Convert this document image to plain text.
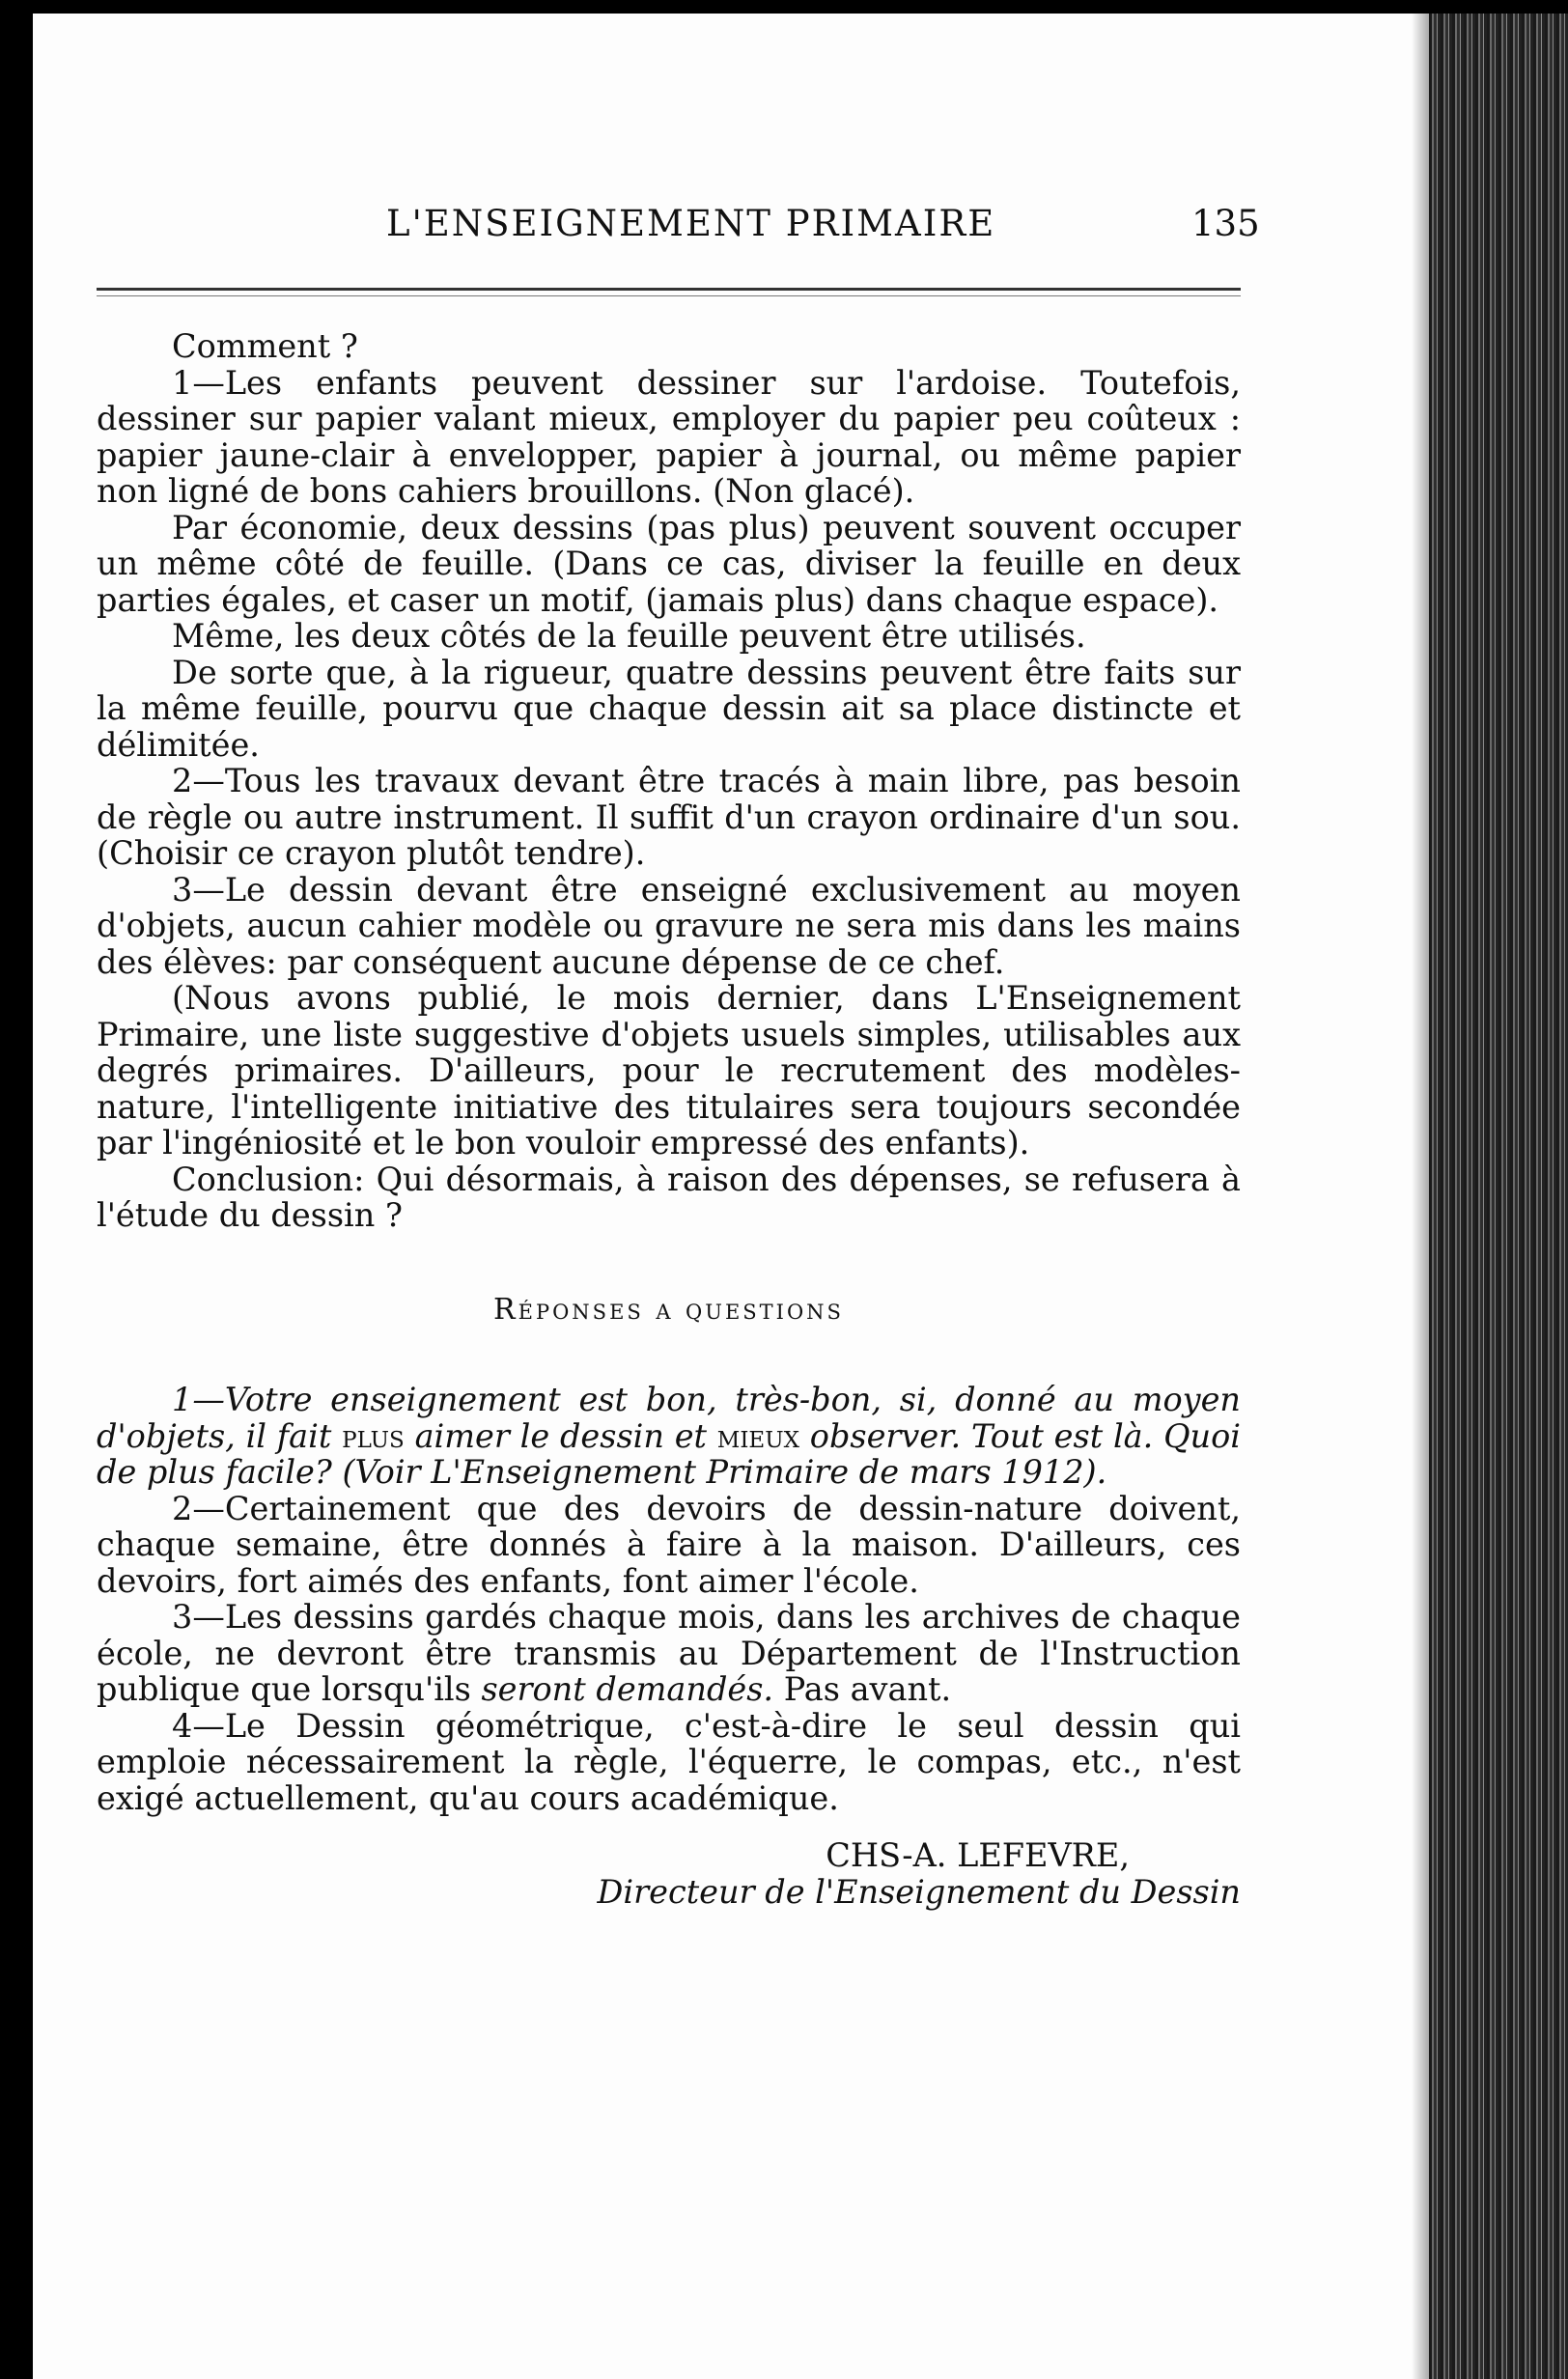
L'ENSEIGNEMENT PRIMAIRE	135

Comment ?

1—Les enfants peuvent dessiner sur l'ardoise. Toutefois, dessiner sur papier valant mieux, employer du papier peu coûteux : papier jaune-clair à envelopper, papier à journal, ou même papier non ligné de bons cahiers brouillons. (Non glacé).

Par économie, deux dessins (pas plus) peuvent souvent occuper un même côté de feuille. (Dans ce cas, diviser la feuille en deux parties égales, et caser un motif, (jamais plus) dans chaque espace).

Même, les deux côtés de la feuille peuvent être utilisés.

De sorte que, à la rigueur, quatre dessins peuvent être faits sur la même feuille, pourvu que chaque dessin ait sa place distincte et délimitée.

2—Tous les travaux devant être tracés à main libre, pas besoin de règle ou autre instrument. Il suffit d'un crayon ordinaire d'un sou. (Choisir ce crayon plutôt tendre).

3—Le dessin devant être enseigné exclusivement au moyen d'objets, aucun cahier modèle ou gravure ne sera mis dans les mains des élèves: par conséquent aucune dépense de ce chef.

(Nous avons publié, le mois dernier, dans L'Enseignement Primaire, une liste suggestive d'objets usuels simples, utilisables aux degrés primaires. D'ailleurs, pour le recrutement des modèles-nature, l'intelligente initiative des titulaires sera toujours secondée par l'ingéniosité et le bon vouloir empressé des enfants).

Conclusion: Qui désormais, à raison des dépenses, se refusera à l'étude du dessin ?

Réponses a questions

1—Votre enseignement est bon, très-bon, si, donné au moyen d'objets, il fait plus aimer le dessin et mieux observer. Tout est là. Quoi de plus facile? (Voir L'Enseignement Primaire de mars 1912).

2—Certainement que des devoirs de dessin-nature doivent, chaque semaine, être donnés à faire à la maison. D'ailleurs, ces devoirs, fort aimés des enfants, font aimer l'école.

3—Les dessins gardés chaque mois, dans les archives de chaque école, ne devront être transmis au Département de l'Instruction publique que lorsqu'ils seront demandés. Pas avant.

4—Le Dessin géométrique, c'est-à-dire le seul dessin qui emploie nécessairement la règle, l'équerre, le compas, etc., n'est exigé actuellement, qu'au cours académique.

CHS-A. LEFEVRE,
Directeur de l'Enseignement du Dessin
